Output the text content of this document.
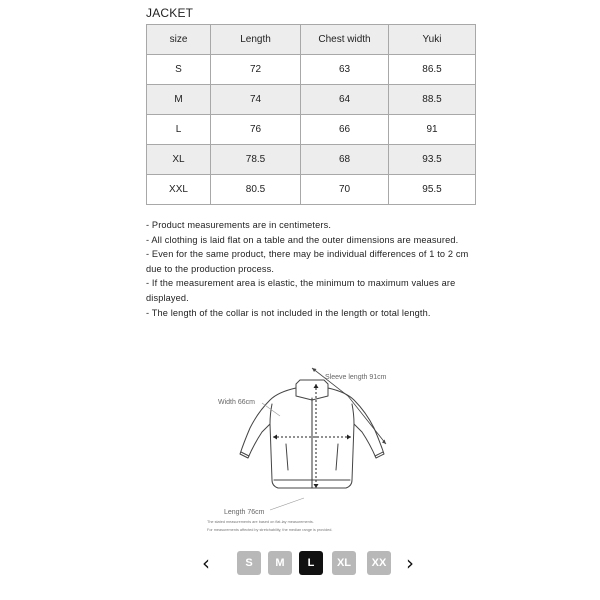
JACKET
size	Length	Chest width	Yuki
S	72	63	86.5
M	74	64	88.5
L	76	66	91
XL	78.5	68	93.5
XXL	80.5	70	95.5

- Product measurements are in centimeters.

- All clothing is laid flat on a table and the outer dimensions are measured.

- Even for the same product, there may be individual differences of 1 to 2 cm due to the production process.

- If the measurement area is elastic, the minimum to maximum values are displayed.

- The length of the collar is not included in the length or total length.

Sleeve length 91cm
Width 66cm
Length 76cm
The stated measurements are based on flat-lay measurements.
For measurements affected by stretchability, the median range is provided.
‹	S	M	L	XL	XX ›
